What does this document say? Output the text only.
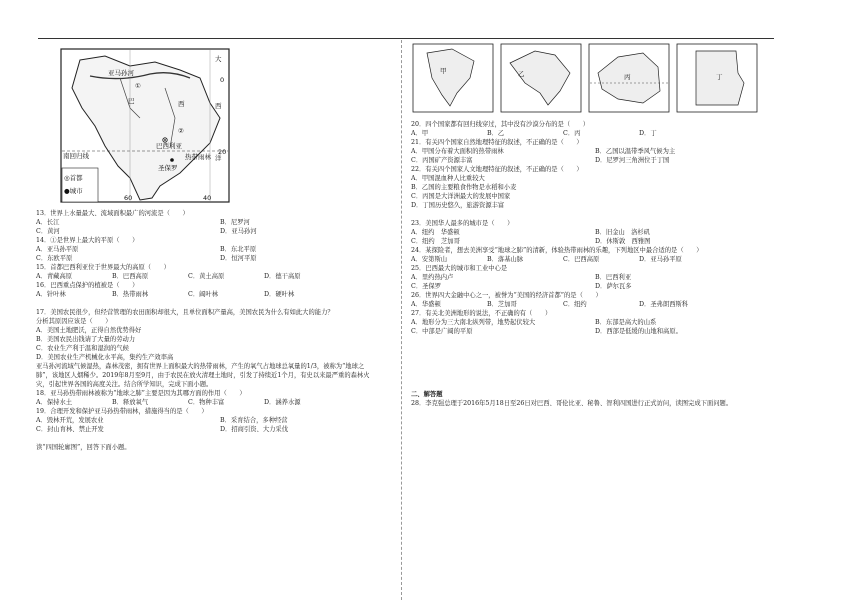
大
西
洋
亚马孙河
①
巴	西
②
巴西利亚
南回归线	热带雨林
圣保罗
0
20
60	40
◎首都
●城市
甲	乙	丙	丁

13．世界上水量最大、流域面积最广的河流是（　　）

A．长江	B．尼罗河

C．黄河	D．亚马孙河

14．①是世界上最大的平原（　　）

A．亚马孙平原	B．东北平原

C．东欧平原	D．恒河平原

15．首都巴西利亚位于世界最大的高原（　　）

A．青藏高原	B．巴西高原	C．黄土高原	D．德干高原

16．巴西重点保护的植被是（　　）

A．针叶林	B．热带雨林	C．阔叶林	D．硬叶林

17．美国农民很少，但经营管理的农田面积却很大，且单位面积产量高，美国农民为什么有如此大的能力？

分析其原因应该是（　　）

A．美国土地肥沃，正得自然优势得好

B．美国农民出钱请了大量的劳动力

C．农业生产利于温和湿润的气候

D．美国农业生产机械化水平高，集约生产效率高

亚马孙河流域气候湿热，森林茂密，拥有世界上面积最大的热带雨林，产生的氧气占地球总氧量的1/3，被称为“地球之肺”，该地区人烟稀少。2019年8月至9月，由于农民在放火清理土地时，引发了持续近1个月，有史以来最严重的森林火灾，引起世界各国的高度关注。结合所学知识，完成下面小题。

18．亚马孙热带雨林被称为“地球之肺”主要是因为其哪方面的作用（　　）

A．保持水土	B．释放氧气	C．物种丰富	D．涵养水源

19．合理开发和保护亚马孙热带雨林，措施得当的是（　　）

A．毁林开荒，发展农业	B．采育结合，多种经营

C．封山育林、禁止开发	D．招商引资、大力采伐

读“四国轮廓图”，回答下面小题。

20．四个国家都有回归线穿过，其中没有沙漠分布的是（　　）

A．甲	B．乙	C．丙	D．丁

21．有关四个国家自然地理特征的叙述，不正确的是（　　）

A．甲国分布着大面积的热带雨林	B．乙国以温带季风气候为主

C．丙国矿产资源丰富	D．尼罗河三角洲位于丁国

22．有关四个国家人文地理特征的叙述，不正确的是（　　）

A．甲国混血种人比重较大

B．乙国的主要粮食作物是水稻和小麦

C．丙国是大洋洲最大的发展中国家

D．丁国历史悠久，旅游资源丰富

23．美国华人最多的城市是（　　）

A．纽约　华盛顿	B．旧金山　洛杉矶

C．纽约　芝加哥	D．休斯敦　西雅图

24．某探险者，想去美洲享受“地球之肺”的清新，体验热带雨林的乐趣，下列地区中最合适的是（　　）

A．安第斯山	B．落基山脉	C．巴西高原	D．亚马孙平原

25．巴西最大的城市和工业中心是

A．里约热内卢	B．巴西利亚

C．圣保罗	D．萨尔瓦多

26．世界四大金融中心之一，被誉为“美国的经济首都”的是（　　）

A．华盛顿	B．芝加哥	C．纽约	D．圣弗朗西斯科

27．有关北美洲地形的说法，不正确的有（　　）

A．地形分为三大南北纵列带，地势起伏较大	B．东部是高大的山系

C．中部是广阔的平原	D．西部是低缓的山地和高原。

二、解答题

28．李克强总理于2016年5月18日至26日对巴西、哥伦比亚、秘鲁、智利四国进行正式访问，读图完成下面问题。
